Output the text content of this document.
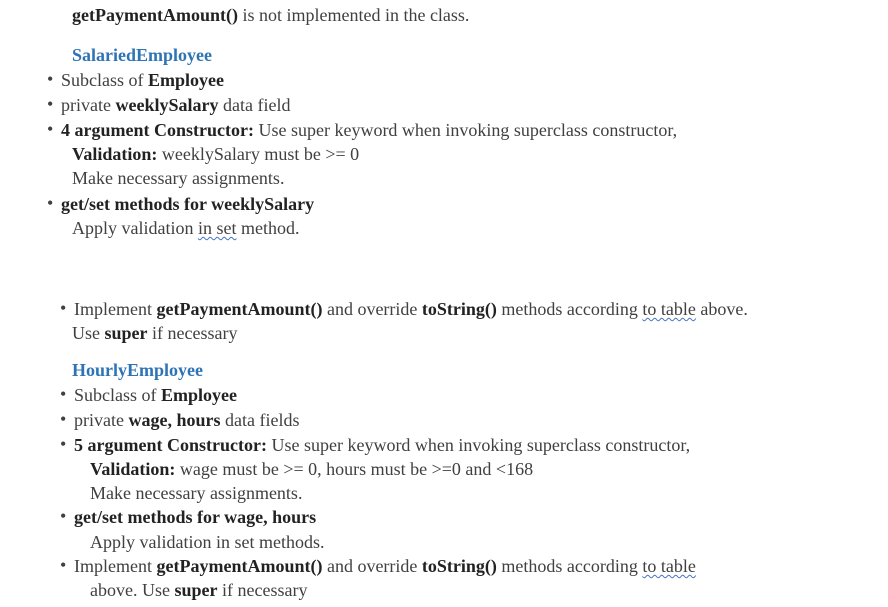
getPaymentAmount() is not implemented in the class.
SalariedEmployee
• Subclass of Employee
• private weeklySalary data field
• 4 argument Constructor: Use super keyword when invoking superclass constructor,
Validation: weeklySalary must be >= 0
Make necessary assignments.
• get/set methods for weeklySalary
Apply validation in set method.
• Implement getPaymentAmount() and override toString() methods according to table above.
Use super if necessary
HourlyEmployee
• Subclass of Employee
• private wage, hours data fields
• 5 argument Constructor: Use super keyword when invoking superclass constructor,
Validation: wage must be >= 0, hours must be >=0 and <168
Make necessary assignments.
• get/set methods for wage, hours
Apply validation in set methods.
• Implement getPaymentAmount() and override toString() methods according to table
above. Use super if necessary
